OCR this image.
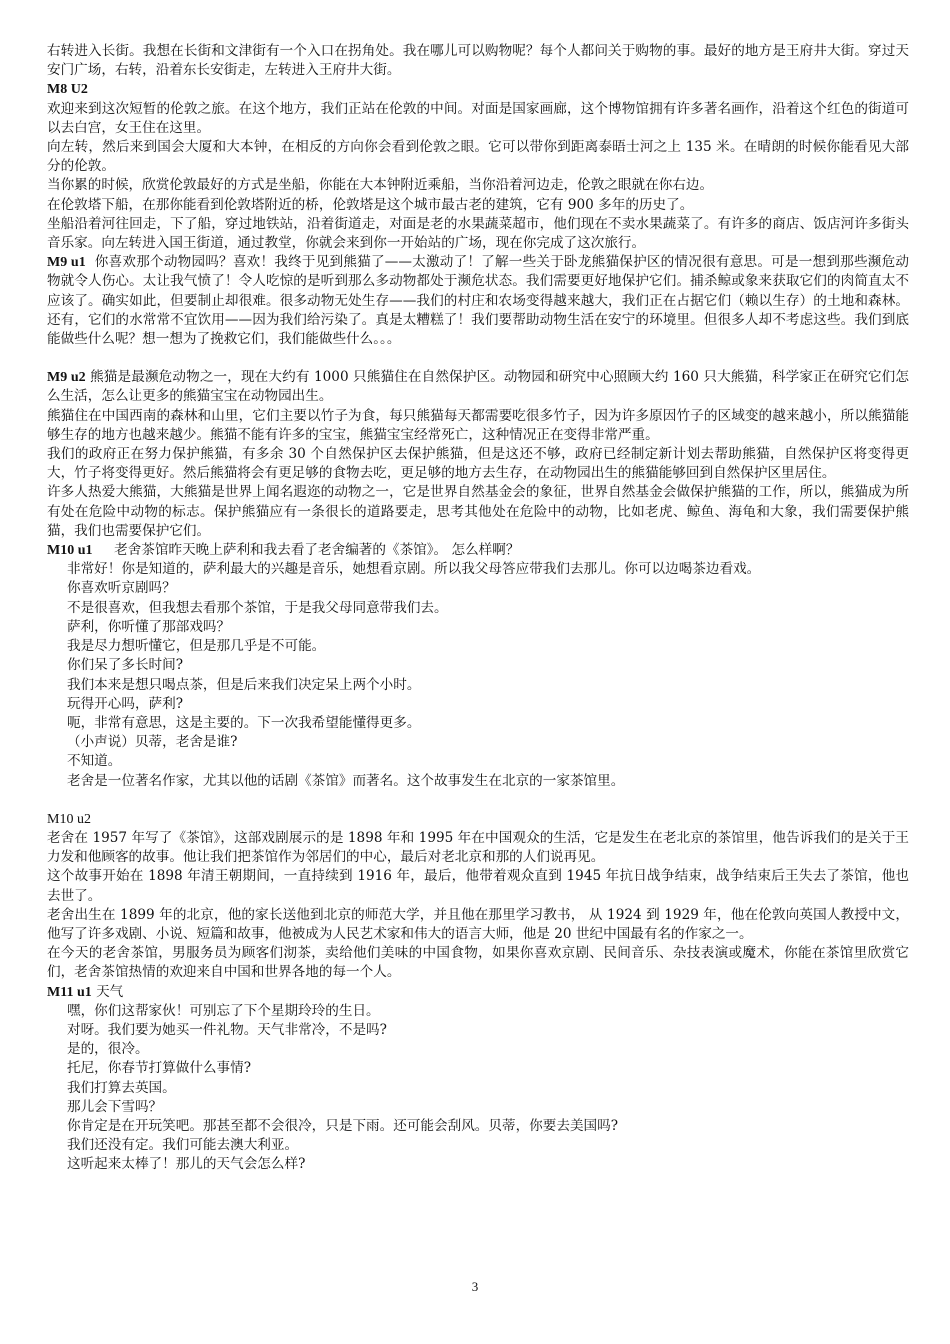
右转进入长街。我想在长街和文津街有一个入口在拐角处。我在哪儿可以购物呢？每个人都问关于购物的事。最好的地方是王府井大街。穿过天安门广场，右转，沿着东长安街走，左转进入王府井大街。

M8 U2

欢迎来到这次短暂的伦敦之旅。在这个地方，我们正站在伦敦的中间。对面是国家画廊，这个博物馆拥有许多著名画作，沿着这个红色的街道可以去白宫，女王住在这里。

向左转，然后来到国会大厦和大本钟，在相反的方向你会看到伦敦之眼。它可以带你到距离泰晤士河之上 135 米。在晴朗的时候你能看见大部分的伦敦。

当你累的时候，欣赏伦敦最好的方式是坐船，你能在大本钟附近乘船，当你沿着河边走，伦敦之眼就在你右边。

在伦敦塔下船，在那你能看到伦敦塔附近的桥，伦敦塔是这个城市最古老的建筑，它有 900 多年的历史了。

坐船沿着河往回走，下了船，穿过地铁站，沿着街道走，对面是老的水果蔬菜超市，他们现在不卖水果蔬菜了。有许多的商店、饭店河许多街头音乐家。向左转进入国王街道，通过教堂，你就会来到你一开始站的广场，现在你完成了这次旅行。

M9 u1 你喜欢那个动物园吗？喜欢！我终于见到熊猫了——太激动了！了解一些关于卧龙熊猫保护区的情况很有意思。可是一想到那些濒危动物就令人伤心。太让我气愤了！令人吃惊的是听到那么多动物都处于濒危状态。我们需要更好地保护它们。捕杀鲸或象来获取它们的肉简直太不应该了。确实如此，但要制止却很难。很多动物无处生存——我们的村庄和农场变得越来越大，我们正在占据它们（赖以生存）的土地和森林。还有，它们的水常常不宜饮用——因为我们给污染了。真是太糟糕了！我们要帮助动物生活在安宁的环境里。但很多人却不考虑这些。我们到底能做些什么呢？想一想为了挽救它们，我们能做些什么。。。

M9 u2 熊猫是最濒危动物之一，现在大约有 1000 只熊猫住在自然保护区。动物园和研究中心照顾大约 160 只大熊猫，科学家正在研究它们怎么生活，怎么让更多的熊猫宝宝在动物园出生。

熊猫住在中国西南的森林和山里，它们主要以竹子为食，每只熊猫每天都需要吃很多竹子，因为许多原因竹子的区域变的越来越小，所以熊猫能够生存的地方也越来越少。熊猫不能有许多的宝宝，熊猫宝宝经常死亡，这种情况正在变得非常严重。

我们的政府正在努力保护熊猫，有多余 30 个自然保护区去保护熊猫，但是这还不够，政府已经制定新计划去帮助熊猫，自然保护区将变得更大，竹子将变得更好。然后熊猫将会有更足够的食物去吃，更足够的地方去生存，在动物园出生的熊猫能够回到自然保护区里居住。

许多人热爱大熊猫，大熊猫是世界上闻名遐迩的动物之一，它是世界自然基金会的象征，世界自然基金会做保护熊猫的工作，所以，熊猫成为所有处在危险中动物的标志。保护熊猫应有一条很长的道路要走，思考其他处在危险中的动物，比如老虎、鲸鱼、海龟和大象，我们需要保护熊猫，我们也需要保护它们。

M10 u1 老舍茶馆昨天晚上萨利和我去看了老舍编著的《茶馆》。 怎么样啊？

非常好！你是知道的，萨利最大的兴趣是音乐，她想看京剧。所以我父母答应带我们去那儿。你可以边喝茶边看戏。

你喜欢听京剧吗？

不是很喜欢，但我想去看那个茶馆，于是我父母同意带我们去。

萨利，你听懂了那部戏吗？

我是尽力想听懂它，但是那几乎是不可能。

你们呆了多长时间?

我们本来是想只喝点茶，但是后来我们决定呆上两个小时。

玩得开心吗，萨利?

呃，非常有意思，这是主要的。下一次我希望能懂得更多。

（小声说）贝蒂，老舍是谁?

不知道。

老舍是一位著名作家，尤其以他的话剧《茶馆》而著名。这个故事发生在北京的一家茶馆里。

M10 u2

老舍在 1957 年写了《茶馆》，这部戏剧展示的是 1898 年和 1995 年在中国观众的生活，它是发生在老北京的茶馆里，他告诉我们的是关于王力发和他顾客的故事。他让我们把茶馆作为邻居们的中心，最后对老北京和那的人们说再见。

这个故事开始在 1898 年清王朝期间，一直持续到 1916 年，最后，他带着观众直到 1945 年抗日战争结束，战争结束后王失去了茶馆，他也去世了。

老舍出生在 1899 年的北京，他的家长送他到北京的师范大学，并且他在那里学习教书， 从 1924 到 1929 年，他在伦敦向英国人教授中文，他写了许多戏剧、小说、短篇和故事，他被成为人民艺术家和伟大的语言大师，他是 20 世纪中国最有名的作家之一。

在今天的老舍茶馆，男服务员为顾客们沏茶，卖给他们美味的中国食物，如果你喜欢京剧、民间音乐、杂技表演或魔术，你能在茶馆里欣赏它们，老舍茶馆热情的欢迎来自中国和世界各地的每一个人。

M11 u1 天气

嘿，你们这帮家伙！可别忘了下个星期玲玲的生日。

对呀。我们要为她买一件礼物。天气非常冷，不是吗?

是的，很冷。

托尼，你春节打算做什么事情?

我们打算去英国。

那儿会下雪吗？

你肯定是在开玩笑吧。那甚至都不会很冷，只是下雨。还可能会刮风。贝蒂，你要去美国吗?

我们还没有定。我们可能去澳大利亚。

这听起来太棒了！那儿的天气会怎么样?

3
